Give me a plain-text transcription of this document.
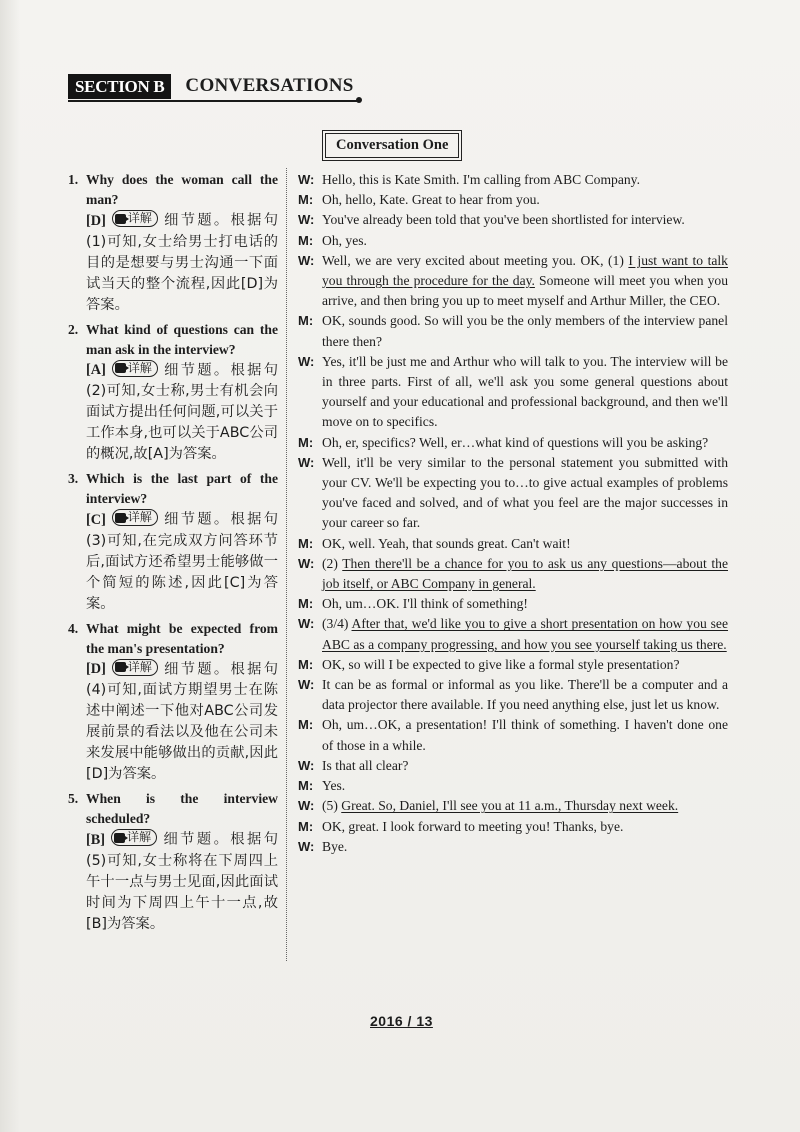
SECTION B	CONVERSATIONS
Conversation One
1. Why does the woman call the man?
[D] 详解 细节题。根据句(1)可知,女士给男士打电话的目的是想要与男士沟通一下面试当天的整个流程,因此[D]为答案。
2. What kind of questions can the man ask in the interview?
[A] 详解 细节题。根据句(2)可知,女士称,男士有机会向面试方提出任何问题,可以关于工作本身,也可以关于ABC公司的概况,故[A]为答案。
3. Which is the last part of the interview?
[C] 详解 细节题。根据句(3)可知,在完成双方问答环节后,面试方还希望男士能够做一个简短的陈述,因此[C]为答案。
4. What might be expected from the man's presentation?
[D] 详解 细节题。根据句(4)可知,面试方期望男士在陈述中阐述一下他对ABC公司发展前景的看法以及他在公司未来发展中能够做出的贡献,因此[D]为答案。
5. When is the interview scheduled?
[B] 详解 细节题。根据句(5)可知,女士称将在下周四上午十一点与男士见面,因此面试时间为下周四上午十一点,故[B]为答案。
W: Hello, this is Kate Smith. I'm calling from ABC Company.
M: Oh, hello, Kate. Great to hear from you.
W: You've already been told that you've been shortlisted for interview.
M: Oh, yes.
W: Well, we are very excited about meeting you. OK, (1) I just want to talk you through the procedure for the day. Someone will meet you when you arrive, and then bring you up to meet myself and Arthur Miller, the CEO.
M: OK, sounds good. So will you be the only members of the interview panel there then?
W: Yes, it'll be just me and Arthur who will talk to you. The interview will be in three parts. First of all, we'll ask you some general questions about yourself and your educational and professional background, and then we'll move on to specifics.
M: Oh, er, specifics? Well, er…what kind of questions will you be asking?
W: Well, it'll be very similar to the personal statement you submitted with your CV. We'll be expecting you to…to give actual examples of problems you've faced and solved, and of what you feel are the major successes in your career so far.
M: OK, well. Yeah, that sounds great. Can't wait!
W: (2) Then there'll be a chance for you to ask us any questions—about the job itself, or ABC Company in general.
M: Oh, um…OK. I'll think of something!
W: (3/4) After that, we'd like you to give a short presentation on how you see ABC as a company progressing, and how you see yourself taking us there.
M: OK, so will I be expected to give like a formal style presentation?
W: It can be as formal or informal as you like. There'll be a computer and a data projector there available. If you need anything else, just let us know.
M: Oh, um…OK, a presentation! I'll think of something. I haven't done one of those in a while.
W: Is that all clear?
M: Yes.
W: (5) Great. So, Daniel, I'll see you at 11 a.m., Thursday next week.
M: OK, great. I look forward to meeting you! Thanks, bye.
W: Bye.
2016 / 13
